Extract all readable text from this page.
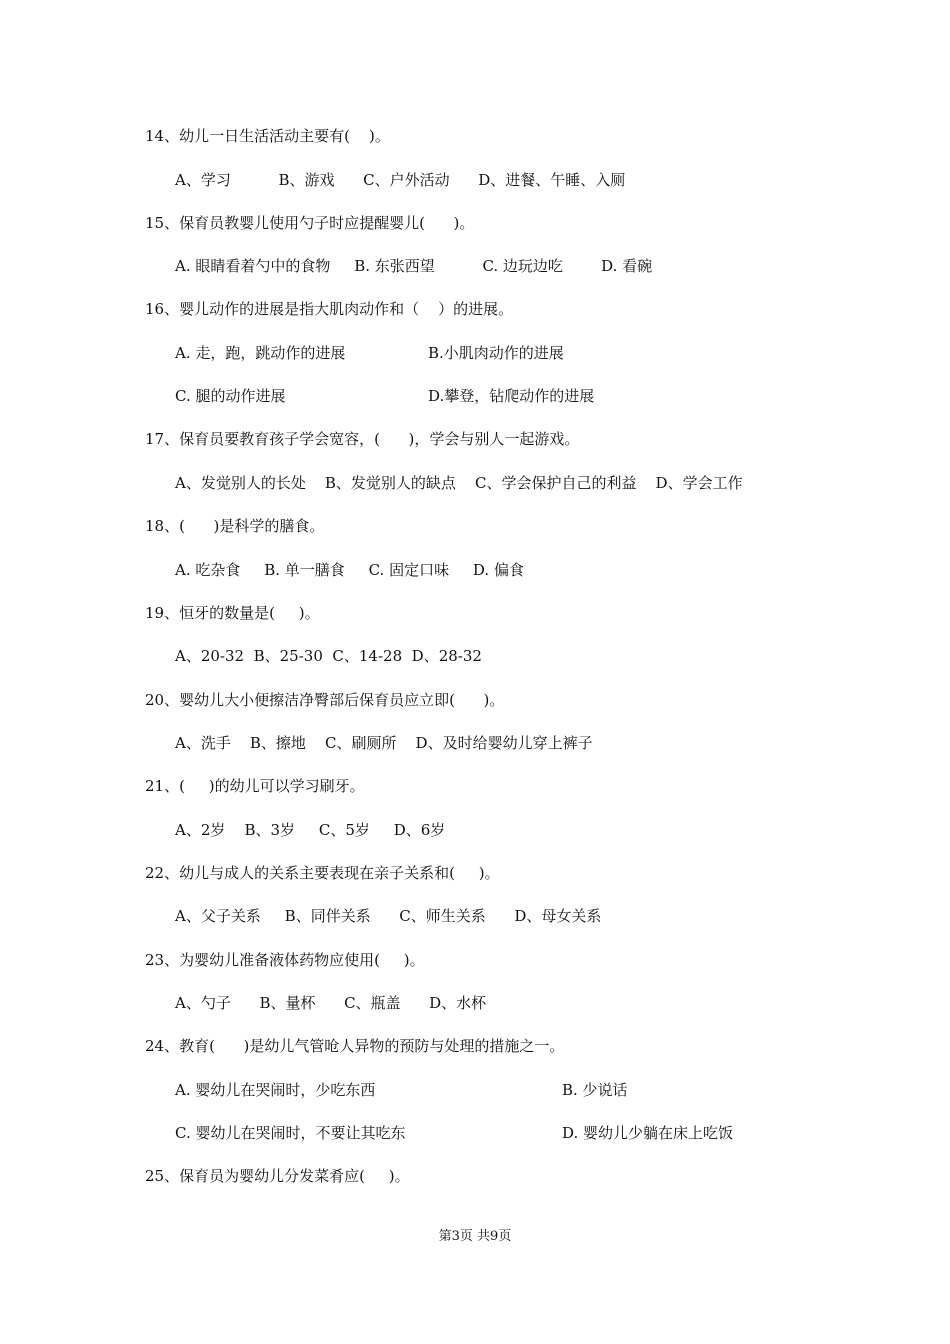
14、幼儿一日生活活动主要有(    )。
A、学习          B、游戏      C、户外活动      D、进餐、午睡、入厕
15、保育员教婴儿使用勺子时应提醒婴儿(      )。
A. 眼睛看着勺中的食物     B. 东张西望          C. 边玩边吃        D. 看碗
16、婴儿动作的进展是指大肌肉动作和（    ）的进展。
A. 走，跑，跳动作的进展	B.小肌肉动作的进展
C. 腿的动作进展	D.攀登，钻爬动作的进展
17、保育员要教育孩子学会宽容，(      )，学会与别人一起游戏。
A、发觉别人的长处    B、发觉别人的缺点    C、学会保护自己的利益    D、学会工作
18、(      )是科学的膳食。
A. 吃杂食     B. 单一膳食     C. 固定口味     D. 偏食
19、恒牙的数量是(     )。
A、20-32  B、25-30  C、14-28  D、28-32
20、婴幼儿大小便擦洁净臀部后保育员应立即(      )。
A、洗手    B、擦地    C、刷厕所    D、及时给婴幼儿穿上裤子
21、(     )的幼儿可以学习刷牙。
A、2岁    B、3岁     C、5岁     D、6岁
22、幼儿与成人的关系主要表现在亲子关系和(     )。
A、父子关系     B、同伴关系      C、师生关系      D、母女关系
23、为婴幼儿准备液体药物应使用(     )。
A、勺子      B、量杯      C、瓶盖      D、水杯
24、教育(      )是幼儿气管呛人异物的预防与处理的措施之一。
A. 婴幼儿在哭闹时，少吃东西	B. 少说话
C. 婴幼儿在哭闹时，不要让其吃东	D. 婴幼儿少躺在床上吃饭
25、保育员为婴幼儿分发菜肴应(     )。
第3页 共9页
